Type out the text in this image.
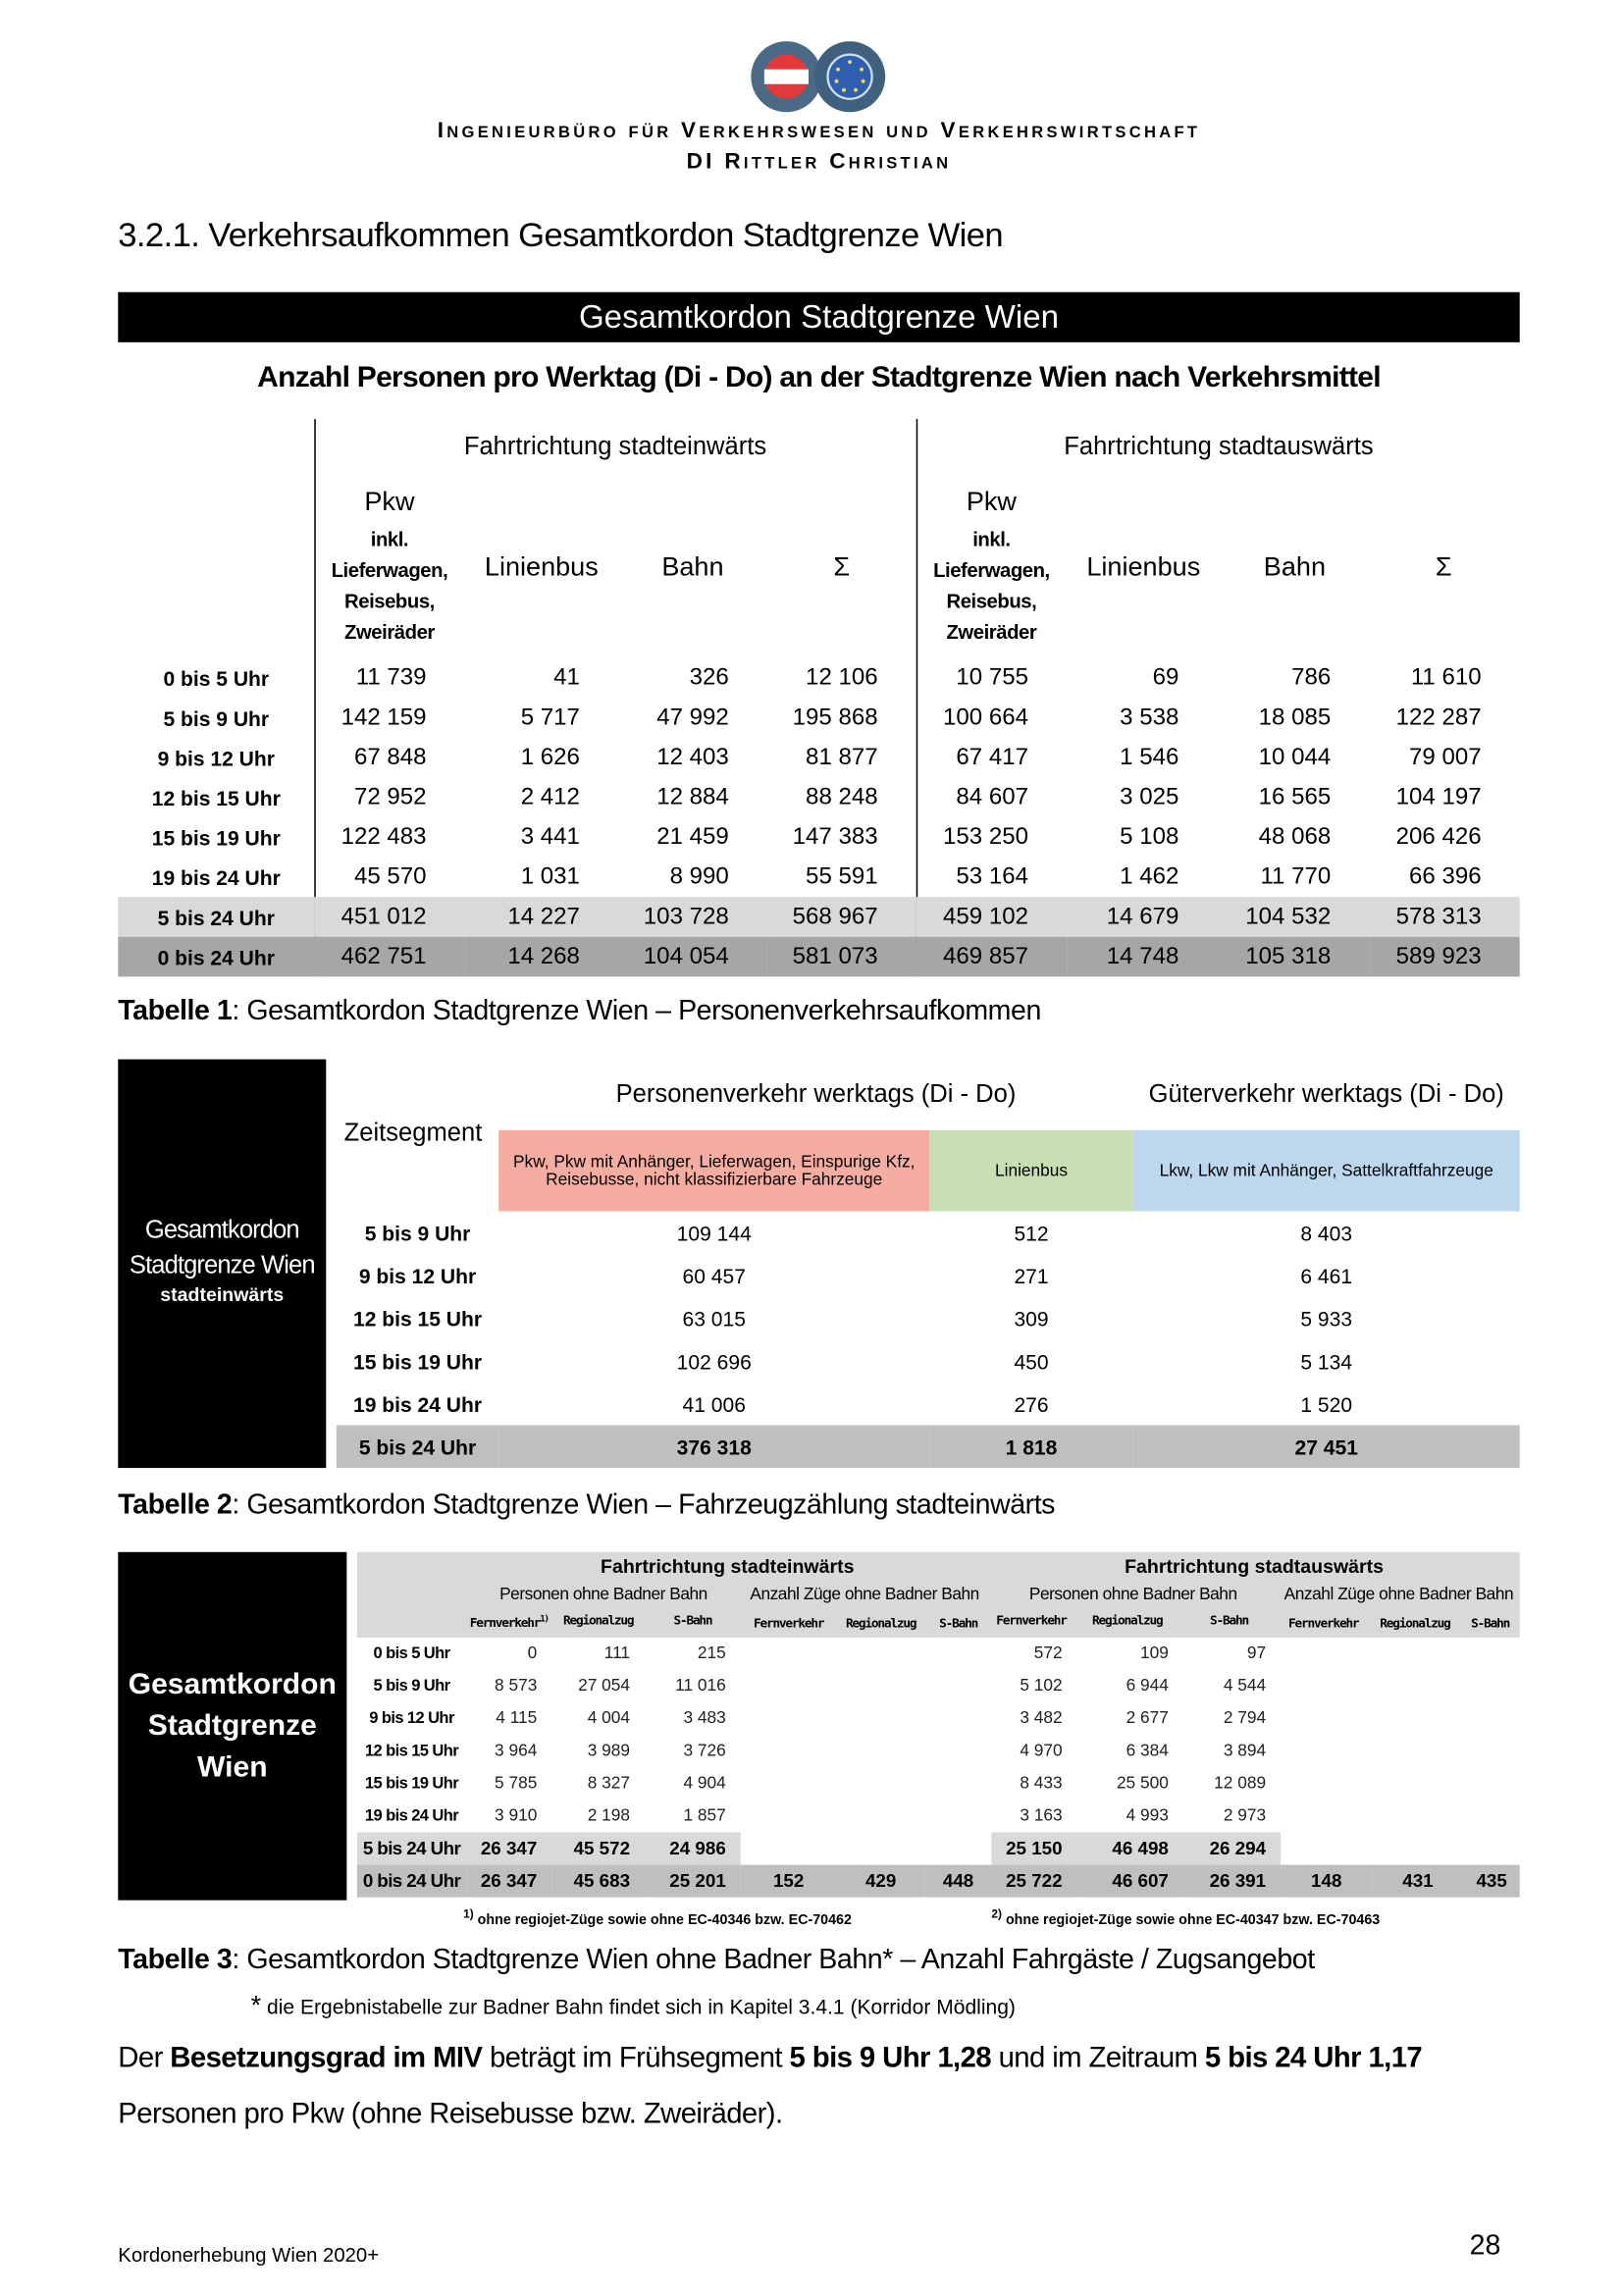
Ingenieurbüro für Verkehrswesen und Verkehrswirtschaft
DI Rittler Christian
3.2.1. Verkehrsaufkommen Gesamtkordon Stadtgrenze Wien
Gesamtkordon Stadtgrenze Wien
Anzahl Personen pro Werktag (Di - Do) an der Stadtgrenze Wien nach Verkehrsmittel
Fahrtrichtung stadteinwärts	Fahrtrichtung stadtauswärts
Pkw
inkl. Lieferwagen, Reisebus, Zweiräder
Linienbus	Bahn	Σ
Pkw
inkl. Lieferwagen, Reisebus, Zweiräder
Linienbus	Bahn	Σ
0 bis 5 Uhr	11 739	41	326	12 106	10 755	69	786	11 610
5 bis 9 Uhr	142 159	5 717	47 992	195 868	100 664	3 538	18 085	122 287
9 bis 12 Uhr	67 848	1 626	12 403	81 877	67 417	1 546	10 044	79 007
12 bis 15 Uhr	72 952	2 412	12 884	88 248	84 607	3 025	16 565	104 197
15 bis 19 Uhr	122 483	3 441	21 459	147 383	153 250	5 108	48 068	206 426
19 bis 24 Uhr	45 570	1 031	8 990	55 591	53 164	1 462	11 770	66 396
5 bis 24 Uhr	451 012	14 227	103 728	568 967	459 102	14 679	104 532	578 313
0 bis 24 Uhr	462 751	14 268	104 054	581 073	469 857	14 748	105 318	589 923
Tabelle 1: Gesamtkordon Stadtgrenze Wien – Personenverkehrsaufkommen
Gesamtkordon
Stadtgrenze Wien
stadteinwärts
Personenverkehr werktags (Di - Do)	Güterverkehr werktags (Di - Do)
Zeitsegment
Pkw, Pkw mit Anhänger, Lieferwagen, Einspurige Kfz, Reisebusse, nicht klassifizierbare Fahrzeuge	Linienbus	Lkw, Lkw mit Anhänger, Sattelkraftfahrzeuge
5 bis 9 Uhr	109 144	512	8 403
9 bis 12 Uhr	60 457	271	6 461
12 bis 15 Uhr	63 015	309	5 933
15 bis 19 Uhr	102 696	450	5 134
19 bis 24 Uhr	41 006	276	1 520
5 bis 24 Uhr	376 318	1 818	27 451
Tabelle 2: Gesamtkordon Stadtgrenze Wien – Fahrzeugzählung stadteinwärts
Gesamtkordon
Stadtgrenze
Wien
Fahrtrichtung stadteinwärts	Fahrtrichtung stadtauswärts
Personen ohne Badner Bahn	Anzahl Züge ohne Badner Bahn	Personen ohne Badner Bahn	Anzahl Züge ohne Badner Bahn
Fernverkehr$^{1)}$	Regionalzug	S-Bahn	Fernverkehr	Regionalzug	S-Bahn	Fernverkehr	Regionalzug	S-Bahn	Fernverkehr	Regionalzug	S-Bahn
0 bis 5 Uhr	0	111	215				572	109	97			
5 bis 9 Uhr	8 573	27 054	11 016				5 102	6 944	4 544			
9 bis 12 Uhr	4 115	4 004	3 483				3 482	2 677	2 794			
12 bis 15 Uhr	3 964	3 989	3 726				4 970	6 384	3 894			
15 bis 19 Uhr	5 785	8 327	4 904				8 433	25 500	12 089			
19 bis 24 Uhr	3 910	2 198	1 857				3 163	4 993	2 973			
5 bis 24 Uhr	26 347	45 572	24 986				25 150	46 498	26 294			
0 bis 24 Uhr	26 347	45 683	25 201	152	429	448	25 722	46 607	26 391	148	431	435
$^{1)}$ ohne regiojet-Züge sowie ohne EC-40346 bzw. EC-70462	$^{2)}$ ohne regiojet-Züge sowie ohne EC-40347 bzw. EC-70463
Tabelle 3: Gesamtkordon Stadtgrenze Wien ohne Badner Bahn* – Anzahl Fahrgäste / Zugsangebot
* die Ergebnistabelle zur Badner Bahn findet sich in Kapitel 3.4.1 (Korridor Mödling)
Der Besetzungsgrad im MIV beträgt im Frühsegment 5 bis 9 Uhr 1,28 und im Zeitraum 5 bis 24 Uhr 1,17
Personen pro Pkw (ohne Reisebusse bzw. Zweiräder).
Kordonerhebung Wien 2020+	28
